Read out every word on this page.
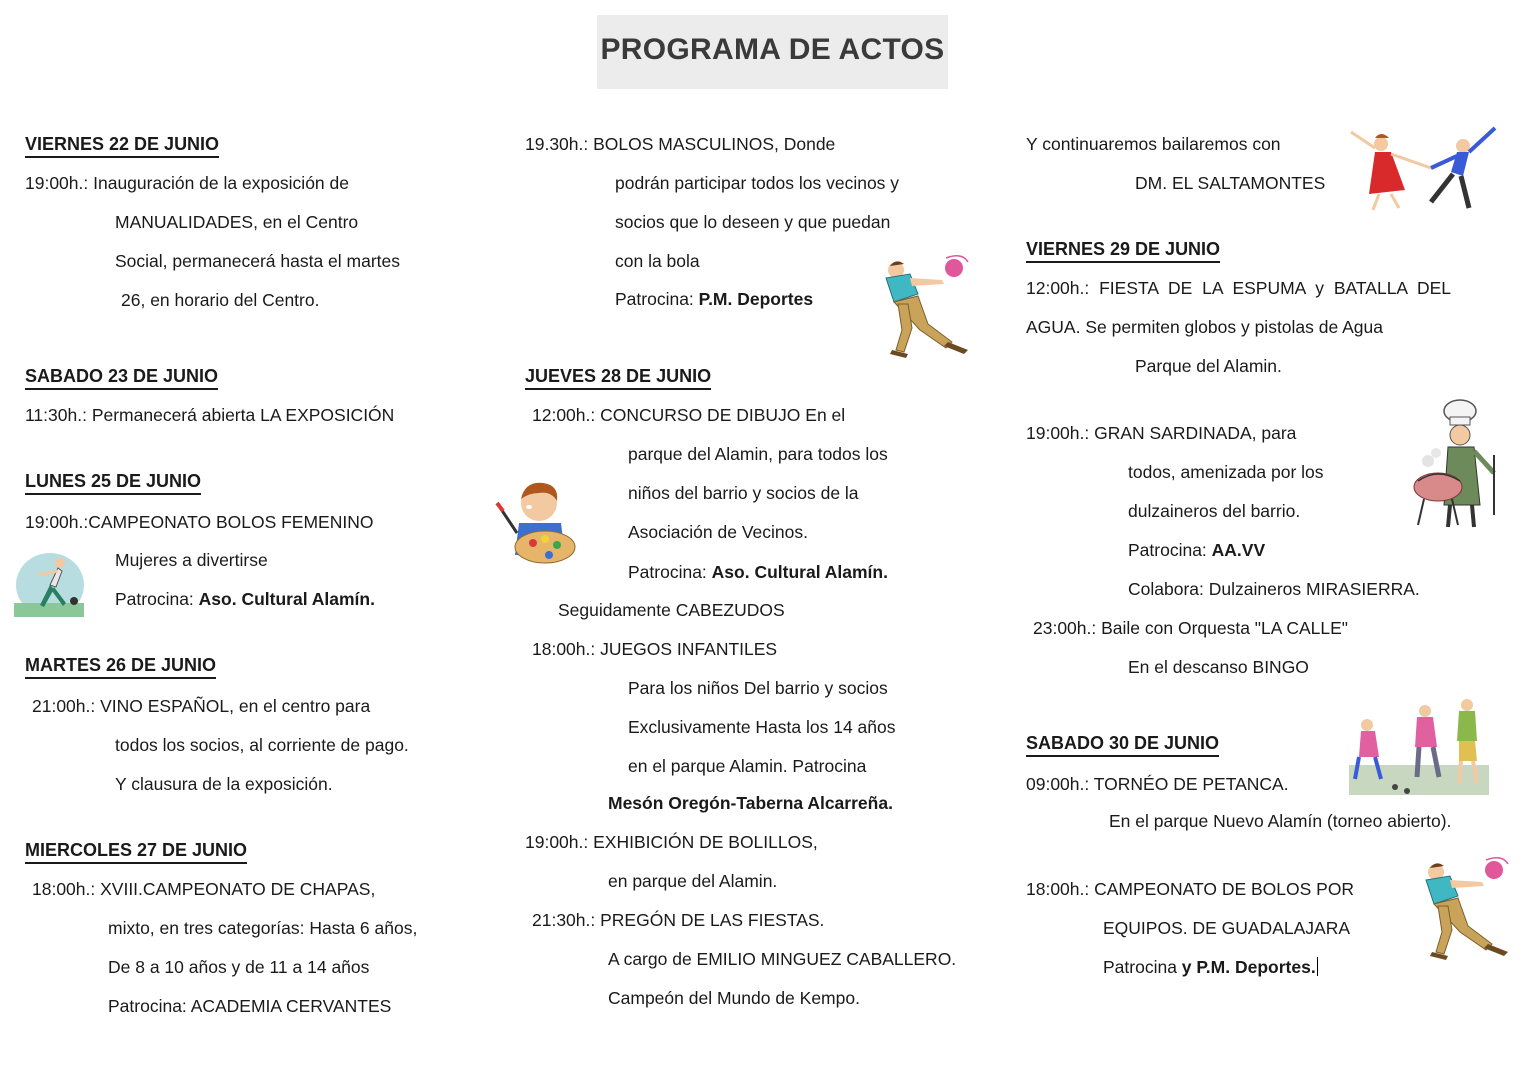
PROGRAMA DE ACTOS
VIERNES 22 DE JUNIO
19:00h.: Inauguración de la exposición de
MANUALIDADES, en el Centro
Social, permanecerá hasta el martes
26, en horario del Centro.
SABADO 23 DE JUNIO
11:30h.: Permanecerá abierta LA EXPOSICIÓN
LUNES 25 DE JUNIO
19:00h.:CAMPEONATO BOLOS FEMENINO
Mujeres a divertirse
Patrocina: Aso. Cultural Alamín.
MARTES 26 DE JUNIO
21:00h.: VINO ESPAÑOL, en el centro para
todos los socios, al corriente de pago.
Y clausura de la exposición.
MIERCOLES 27 DE JUNIO
18:00h.: XVIII.CAMPEONATO DE CHAPAS,
mixto, en tres categorías: Hasta 6 años,
De 8 a 10 años y de 11 a 14 años
Patrocina: ACADEMIA CERVANTES
19.30h.: BOLOS MASCULINOS, Donde
podrán participar todos los vecinos y
socios que lo deseen y que puedan
con la bola
Patrocina: P.M. Deportes
JUEVES 28 DE JUNIO
12:00h.: CONCURSO DE DIBUJO En el
parque del Alamin, para todos los
niños del barrio y socios de la
Asociación de Vecinos.
Patrocina: Aso. Cultural Alamín.
Seguidamente CABEZUDOS
18:00h.: JUEGOS INFANTILES
Para los niños Del barrio y socios
Exclusivamente Hasta los 14 años
en el parque Alamin. Patrocina
Mesón Oregón-Taberna Alcarreña.
19:00h.: EXHIBICIÓN DE BOLILLOS,
en parque del Alamin.
21:30h.: PREGÓN DE LAS FIESTAS.
A cargo de EMILIO MINGUEZ CABALLERO.
Campeón del Mundo de Kempo.
Y continuaremos bailaremos con
DM. EL SALTAMONTES
VIERNES 29 DE JUNIO
12:00h.: FIESTA DE LA ESPUMA y BATALLA DEL
AGUA. Se permiten globos y pistolas de Agua
Parque del Alamin.
19:00h.: GRAN SARDINADA, para
todos, amenizada por los
dulzaineros del barrio.
Patrocina: AA.VV
Colabora: Dulzaineros MIRASIERRA.
23:00h.: Baile con Orquesta "LA CALLE"
En el descanso BINGO
SABADO 30 DE JUNIO
09:00h.: TORNÉO DE PETANCA.
En el parque Nuevo Alamín (torneo abierto).
18:00h.: CAMPEONATO DE BOLOS POR
EQUIPOS. DE GUADALAJARA
Patrocina y P.M. Deportes.
